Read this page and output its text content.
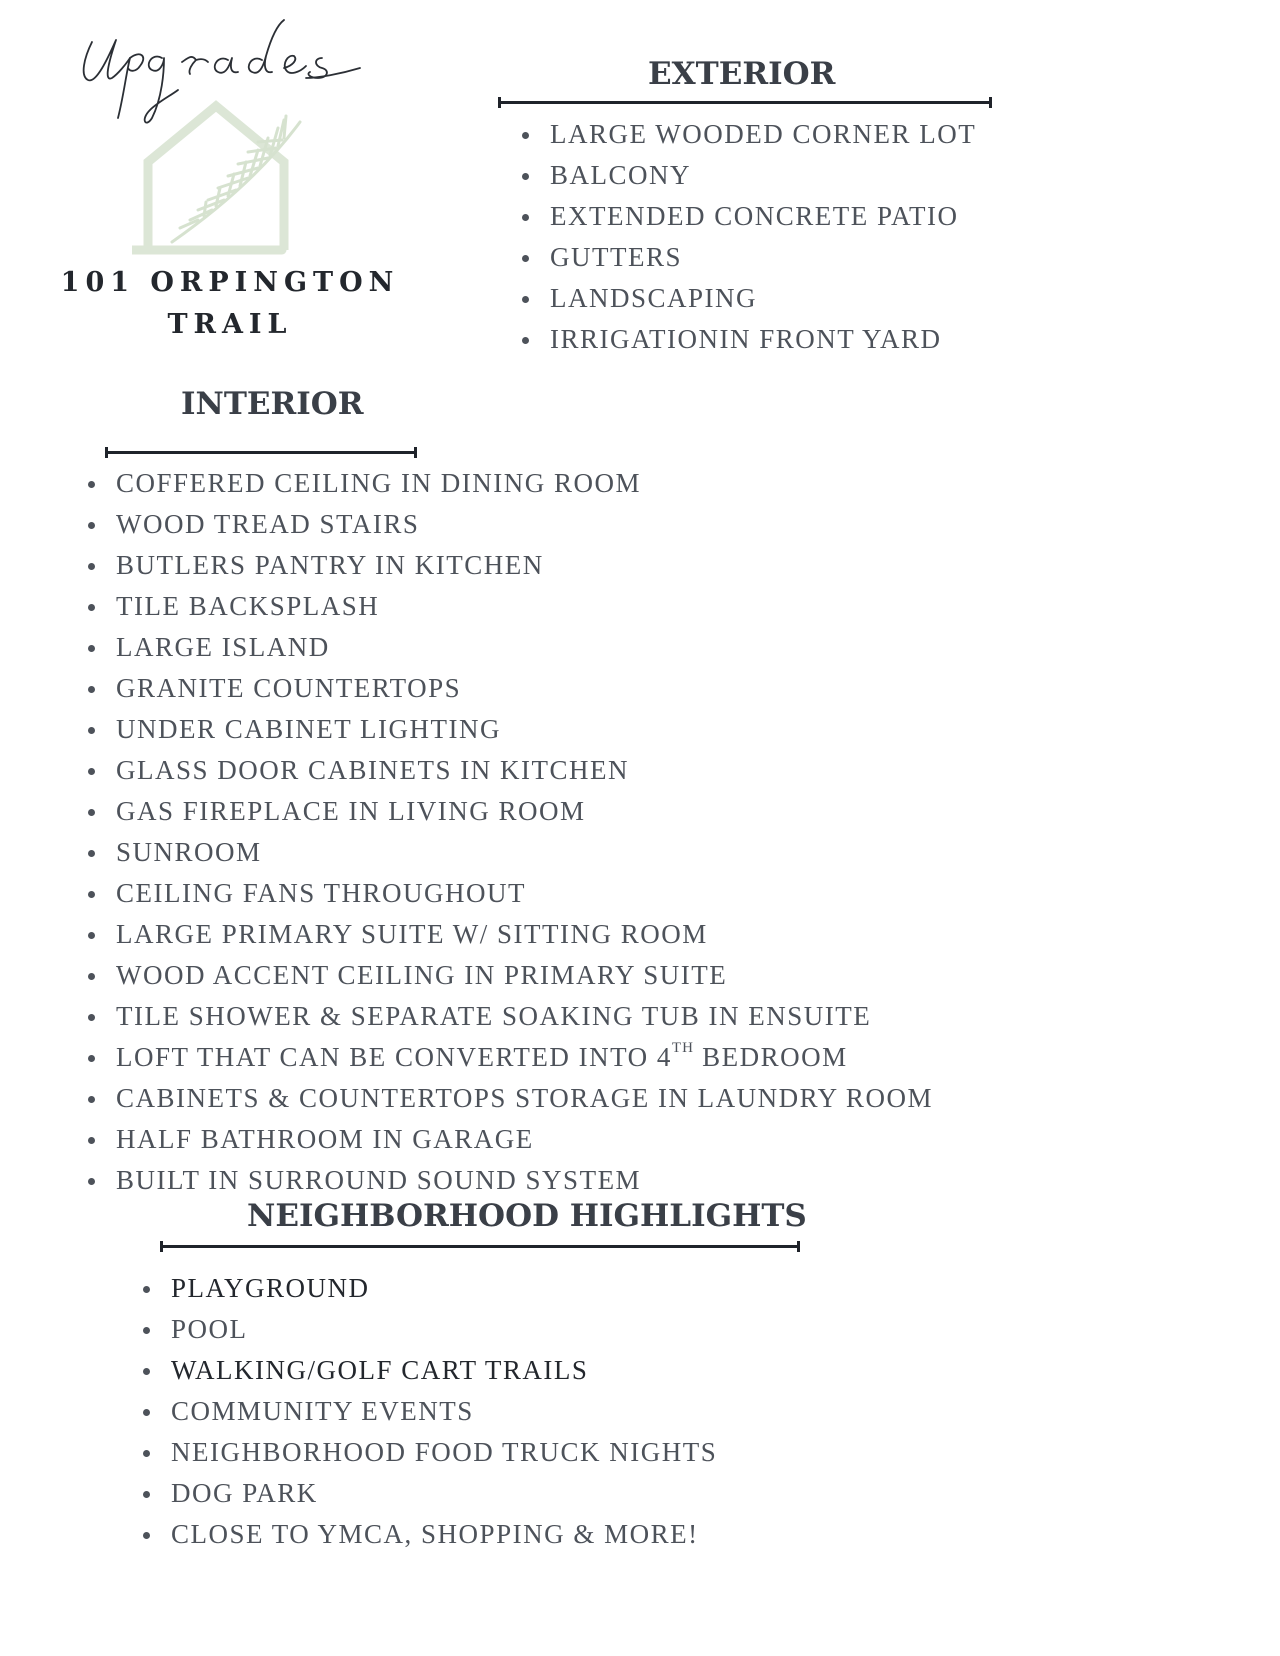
101 ORPINGTON
TRAIL
EXTERIOR
LARGE WOODED CORNER LOT
BALCONY
EXTENDED CONCRETE PATIO
GUTTERS
LANDSCAPING
IRRIGATIONIN FRONT YARD
INTERIOR
COFFERED CEILING IN DINING ROOM
WOOD TREAD STAIRS
BUTLERS PANTRY IN KITCHEN
TILE BACKSPLASH
LARGE ISLAND
GRANITE COUNTERTOPS
UNDER CABINET LIGHTING
GLASS DOOR CABINETS IN KITCHEN
GAS FIREPLACE IN LIVING ROOM
SUNROOM
CEILING FANS THROUGHOUT
LARGE PRIMARY SUITE W/ SITTING ROOM
WOOD ACCENT CEILING IN PRIMARY SUITE
TILE SHOWER & SEPARATE SOAKING TUB IN ENSUITE
LOFT THAT CAN BE CONVERTED INTO 4TH BEDROOM
CABINETS & COUNTERTOPS STORAGE IN LAUNDRY ROOM
HALF BATHROOM IN GARAGE
BUILT IN SURROUND SOUND SYSTEM
NEIGHBORHOOD HIGHLIGHTS
PLAYGROUND
POOL
WALKING/GOLF CART TRAILS
COMMUNITY EVENTS
NEIGHBORHOOD FOOD TRUCK NIGHTS
DOG PARK
CLOSE TO YMCA, SHOPPING & MORE!
